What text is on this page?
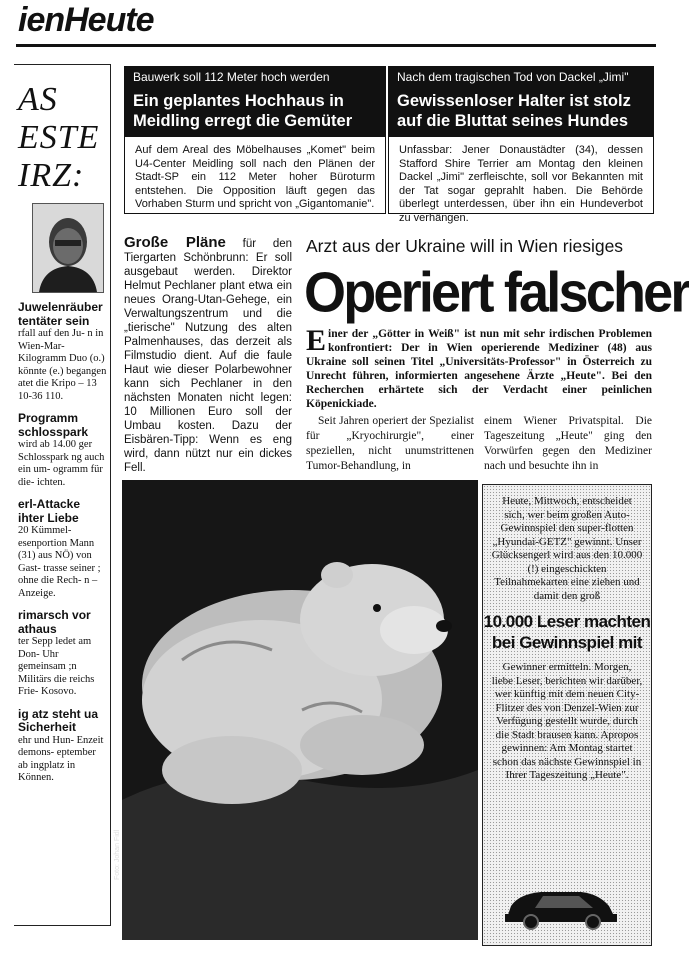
ienHeute
AS
ESTE
IRZ:
Juwelenräuber tentäter sein
rfall auf den Ju- n in Wien-Mar- Kilogramm Duo (o.) könnte (e.) begangen atet die Kripo – 13 10-36 110.
Programm schlosspark
wird ab 14.00 ger Schlosspark ng auch ein um- ogramm für die- ichten.
erl-Attacke ihter Liebe
20 Kümmel- esenportion Mann (31) aus NÖ) von Gast- trasse seiner ; ohne die Rech- n – Anzeige.
rimarsch vor athaus
ter Sepp ledet am Don- Uhr gemeinsam ;n Militärs die reichs Frie- Kosovo.
ig atz steht ua Sicherheit
ehr und Hun- Enzeit demons- eptember ab ingplatz in Können.
Bauwerk soll 112 Meter hoch werden
Ein geplantes Hochhaus in Meidling erregt die Gemüter
Auf dem Areal des Möbelhauses „Komet" beim U4-Center Meidling soll nach den Plänen der Stadt-SP ein 112 Meter hoher Büroturm entstehen. Die Opposition läuft gegen das Vorhaben Sturm und spricht von „Gigantomanie".
Nach dem tragischen Tod von Dackel „Jimi"
Gewissenloser Halter ist stolz auf die Bluttat seines Hundes
Unfassbar: Jener Donaustädter (34), dessen Stafford Shire Terrier am Montag den kleinen Dackel „Jimi" zerfleischte, soll vor Bekannten mit der Tat sogar geprahlt haben. Die Behörde überlegt unterdessen, über ihn ein Hundeverbot zu verhängen.
Große Pläne für den Tiergarten Schönbrunn: Er soll ausgebaut werden. Direktor Helmut Pechlaner plant etwa ein neues Orang-Utan-Gehege, ein Verwaltungszentrum und die „tierische" Nutzung des alten Palmenhauses, das derzeit als Filmstudio dient. Auf die faule Haut wie dieser Polarbewohner kann sich Pechlaner in den nächsten Monaten nicht legen: 10 Millionen Euro soll der Umbau kosten. Dazu der Eisbären-Tipp: Wenn es eng wird, dann nützt nur ein dickes Fell.
Arzt aus der Ukraine will in Wien riesiges
Operiert falscher
E iner der „Götter in Weiß" ist nun mit sehr irdischen Problemen konfrontiert: Der in Wien operierende Mediziner (48) aus Ukraine soll seinen Titel „Universitäts-Professor" in Österreich zu Unrecht führen, informierten angesehene Ärzte „Heute". Bei den Recherchen erhärtete sich der Verdacht einer peinlichen Köpenickiade.
Seit Jahren operiert der Spezialist für „Kryochirurgie", einer speziellen, nicht unumstrittenen Tumor-Behandlung, in
einem Wiener Privatspital. Die Tageszeitung „Heute" ging den Vorwürfen gegen den Mediziner nach und besuchte ihn in
Foto: Johan Fidl
Heute, Mittwoch, entscheidet sich, wer beim großen Auto-Gewinnspiel den super-flotten „Hyundai-GETZ" gewinnt. Unser Glücksengerl wird aus den 10.000 (!) eingeschickten Teilnahmekarten eine ziehen und damit den groß
10.000 Leser machten bei Gewinnspiel mit
Gewinner ermitteln. Morgen, liebe Leser, berichten wir darüber, wer künftig mit dem neuen City-Flitzer des von Denzel-Wien zur Verfügung gestellt wurde, durch die Stadt brausen kann. Apropos gewinnen: Am Montag startet schon das nächste Gewinnspiel in Ihrer Tageszeitung „Heute".
